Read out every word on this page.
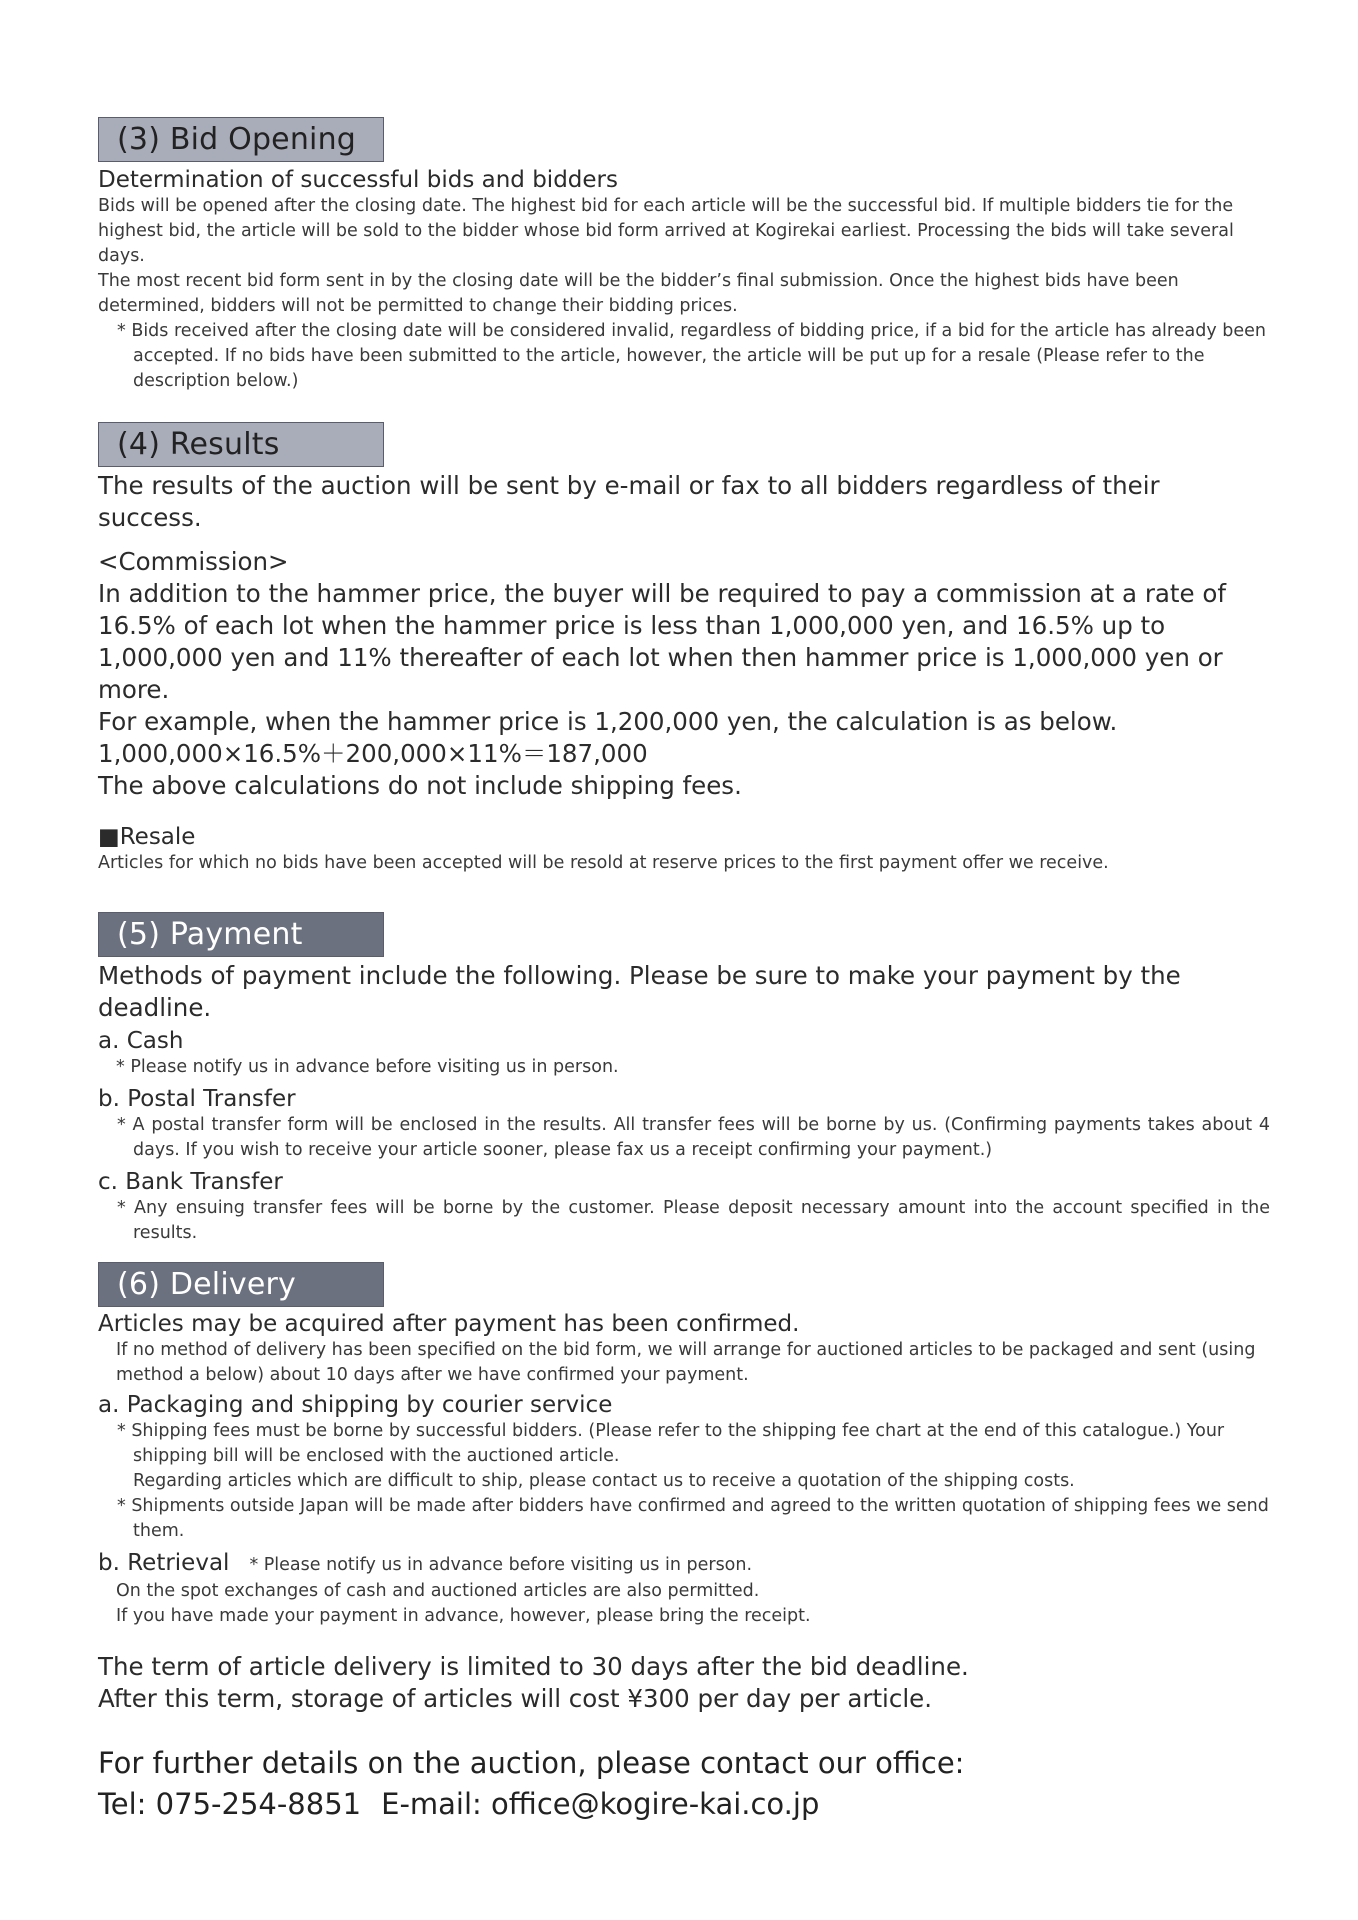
(3) Bid Opening

Determination of successful bids and bidders

Bids will be opened after the closing date. The highest bid for each article will be the successful bid. If multiple bidders tie for the highest bid, the article will be sold to the bidder whose bid form arrived at Kogirekai earliest. Processing the bids will take several days.

The most recent bid form sent in by the closing date will be the bidder’s final submission. Once the highest bids have been determined, bidders will not be permitted to change their bidding prices.

* Bids received after the closing date will be considered invalid, regardless of bidding price, if a bid for the article has already been accepted. If no bids have been submitted to the article, however, the article will be put up for a resale (Please refer to the description below.)

(4) Results

The results of the auction will be sent by e-mail or fax to all bidders regardless of their success.

<Commission>

In addition to the hammer price, the buyer will be required to pay a commission at a rate of 16.5% of each lot when the hammer price is less than 1,000,000 yen, and 16.5% up to 1,000,000 yen and 11% thereafter of each lot when then hammer price is 1,000,000 yen or more.

For example, when the hammer price is 1,200,000 yen, the calculation is as below.

1,000,000×16.5%＋200,000×11%＝187,000

The above calculations do not include shipping fees.

■Resale

Articles for which no bids have been accepted will be resold at reserve prices to the first payment offer we receive.

(5) Payment

Methods of payment include the following. Please be sure to make your payment by the deadline.

a. Cash

* Please notify us in advance before visiting us in person.

b. Postal Transfer

* A postal transfer form will be enclosed in the results. All transfer fees will be borne by us. (Confirming payments takes about 4 days. If you wish to receive your article sooner, please fax us a receipt confirming your payment.)

c. Bank Transfer

* Any ensuing transfer fees will be borne by the customer. Please deposit necessary amount into the account specified in the results.

(6) Delivery

Articles may be acquired after payment has been confirmed.

If no method of delivery has been specified on the bid form, we will arrange for auctioned articles to be packaged and sent (using method a below) about 10 days after we have confirmed your payment.

a. Packaging and shipping by courier service

* Shipping fees must be borne by successful bidders. (Please refer to the shipping fee chart at the end of this catalogue.) Your shipping bill will be enclosed with the auctioned article.

Regarding articles which are difficult to ship, please contact us to receive a quotation of the shipping costs.

* Shipments outside Japan will be made after bidders have confirmed and agreed to the written quotation of shipping fees we send them.

b. Retrieval * Please notify us in advance before visiting us in person.

On the spot exchanges of cash and auctioned articles are also permitted.

If you have made your payment in advance, however, please bring the receipt.

The term of article delivery is limited to 30 days after the bid deadline.

After this term, storage of articles will cost ¥300 per day per article.

For further details on the auction, please contact our office:

Tel: 075-254-8851 E-mail: office@kogire-kai.co.jp
